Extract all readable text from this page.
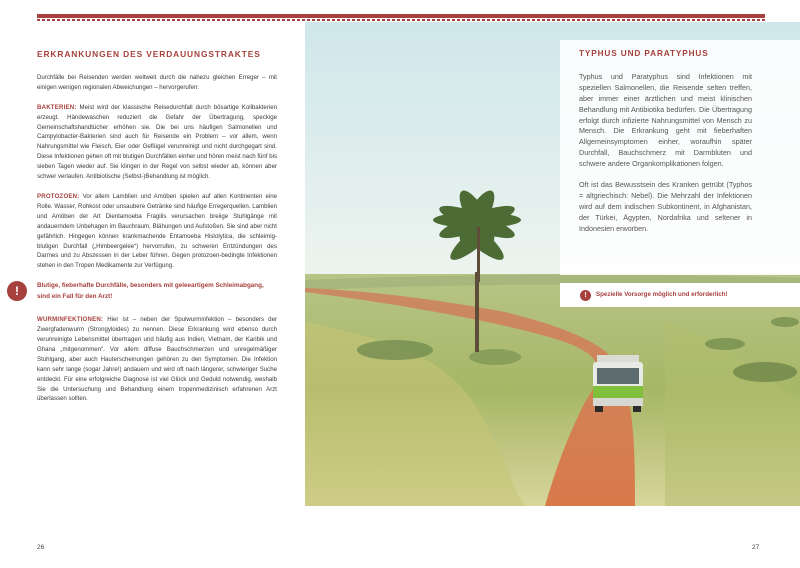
ERKRANKUNGEN DES VERDAUUNGSTRAKTES

Durchfälle bei Reisenden werden weltweit durch die nahezu gleichen Erreger – mit einigen wenigen regionalen Abweichungen – hervorgerufen:

BAKTERIEN: Meist wird der klassische Reisedurchfall durch bösartige Kolibakterien erzeugt. Händewaschen reduziert die Gefahr der Übertragung, speckige Gemeinschaftshandtücher erhöhen sie. Die bei uns häufigen Salmonellen und Campylobacter-Bakterien sind auch für Reisende ein Problem – vor allem, wenn Nahrungsmittel wie Fleisch, Eier oder Geflügel verunreinigt und nicht durchgegart sind. Diese Infektionen gehen oft mit blutigen Durchfällen einher und hören meist nach fünf bis sieben Tagen wieder auf. Sie klingen in der Regel von selbst wieder ab, können aber schwer verlaufen. Antibiotische (Selbst-)Behandlung ist möglich.

PROTOZOEN: Vor allem Lamblien und Amöben spielen auf allen Kontinenten eine Rolle. Wasser, Rohkost oder unsaubere Getränke sind häufige Erregerquellen. Lamblien und Amöben der Art Dientamoeba Fragilis verursachen breiige Stuhlgänge mit andauerndem Unbehagen im Bauchraum, Blähungen und Aufstoßen. Sie sind aber nicht gefährlich. Hingegen können krankmachende Entamoeba Histolytica, die schleimig-blutigen Durchfall („Himbeergelee“) hervorrufen, zu schweren Entzündungen des Darmes und zu Abszessen in der Leber führen. Gegen protozoen-bedingte Infektionen stehen in den Tropen Medikamente zur Verfügung.

!	Blutige, fieberhafte Durchfälle, besonders mit geleeartigem Schleimabgang, sind ein Fall für den Arzt!

WURMINFEKTIONEN: Hier ist – neben der Spulwurminfektion – besonders der Zwergfadenwurm (Strongyloides) zu nennen. Diese Erkrankung wird ebenso durch verunreinigte Lebensmittel übertragen und häufig aus Indien, Vietnam, der Karibik und Ghana „mitgenommen“. Vor allem diffuse Bauchschmerzen und unregelmäßiger Stuhlgang, aber auch Hauterscheinungen gehören zu den Symptomen. Die Infektion kann sehr lange (sogar Jahre!) andauern und wird oft nach längerer, schwieriger Suche entdeckt. Für eine erfolgreiche Diagnose ist viel Glück und Geduld notwendig, weshalb Sie die Untersuchung und Behandlung einem tropenmedizinisch erfahrenen Arzt überlassen sollten.

TYPHUS UND PARATYPHUS

Typhus und Paratyphus sind Infektionen mit speziellen Salmonellen, die Reisende selten treffen, aber immer einer ärztlichen und meist klinischen Behandlung mit Antibiotika bedürfen. Die Übertragung erfolgt durch infizierte Nahrungsmittel von Mensch zu Mensch. Die Erkrankung geht mit fieberhaften Allgemeinsymptomen einher, woraufhin später Durchfall, Bauchschmerz mit Darmbluten und schwere andere Organkomplikationen folgen.

Oft ist das Bewusstsein des Kranken getrübt (Typhos = altgriechisch: Nebel). Die Mehrzahl der Infektionen wird auf dem indischen Subkontinent, in Afghanistan, der Türkei, Ägypten, Nordafrika und seltener in Indonesien erworben.

!	Spezielle Vorsorge möglich und erforderlich!
26	27
